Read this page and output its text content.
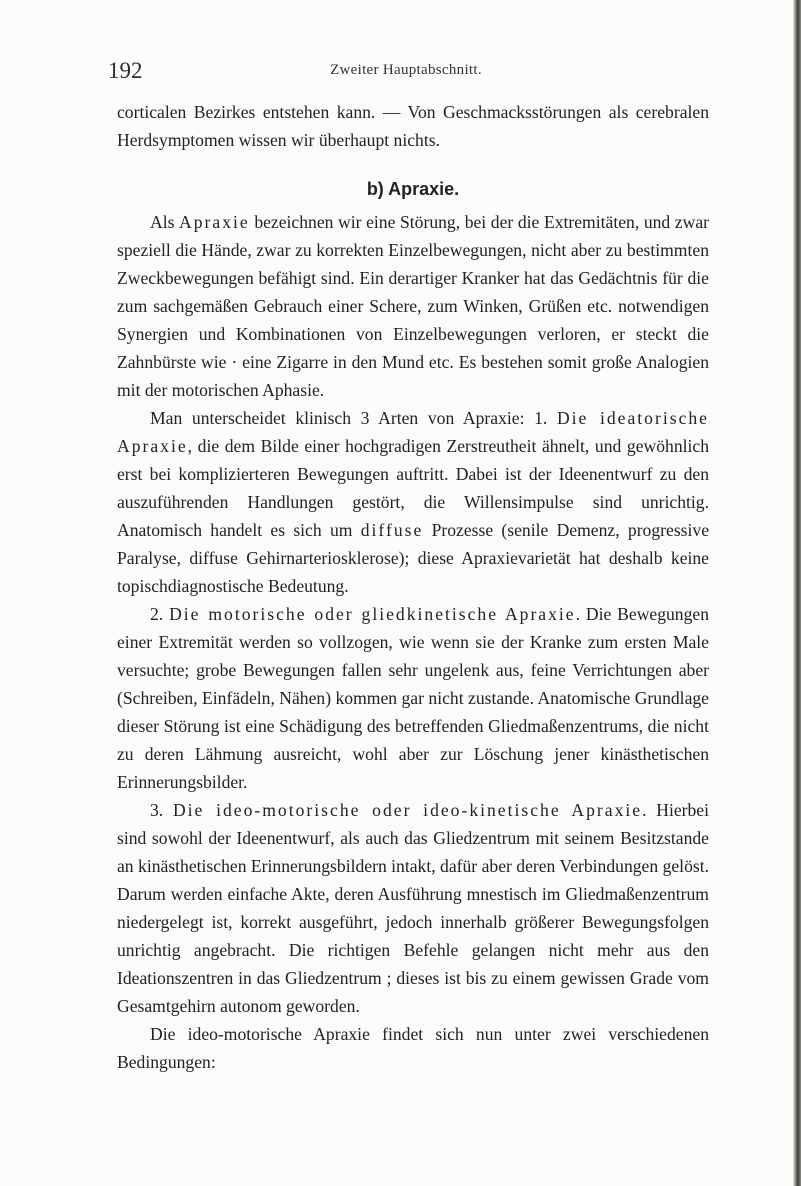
192	Zweiter Hauptabschnitt.

corticalen Bezirkes entstehen kann. — Von Geschmacksstörungen als cerebralen Herdsymptomen wissen wir überhaupt nichts.

b) Apraxie.

Als Apraxie bezeichnen wir eine Störung, bei der die Extremitäten, und zwar speziell die Hände, zwar zu korrekten Einzelbewegungen, nicht aber zu bestimmten Zweckbewegungen befähigt sind. Ein derartiger Kranker hat das Gedächtnis für die zum sachgemäßen Gebrauch einer Schere, zum Winken, Grüßen etc. notwendigen Synergien und Kombinationen von Einzelbewegungen verloren, er steckt die Zahnbürste wie · eine Zigarre in den Mund etc. Es bestehen somit große Analogien mit der motorischen Aphasie.

Man unterscheidet klinisch 3 Arten von Apraxie: 1. Die ideatorische Apraxie, die dem Bilde einer hochgradigen Zerstreutheit ähnelt, und gewöhnlich erst bei komplizierteren Bewegungen auftritt. Dabei ist der Ideenentwurf zu den auszuführenden Handlungen gestört, die Willensimpulse sind unrichtig. Anatomisch handelt es sich um diffuse Prozesse (senile Demenz, progressive Paralyse, diffuse Gehirnarteriosklerose); diese Apraxievarietät hat deshalb keine topischdiagnostische Bedeutung.

2. Die motorische oder gliedkinetische Apraxie. Die Bewegungen einer Extremität werden so vollzogen, wie wenn sie der Kranke zum ersten Male versuchte; grobe Bewegungen fallen sehr ungelenk aus, feine Verrichtungen aber (Schreiben, Einfädeln, Nähen) kommen gar nicht zustande. Anatomische Grundlage dieser Störung ist eine Schädigung des betreffenden Gliedmaßenzentrums, die nicht zu deren Lähmung ausreicht, wohl aber zur Löschung jener kinästhetischen Erinnerungsbilder.

3. Die ideo-motorische oder ideo-kinetische Apraxie. Hierbei sind sowohl der Ideenentwurf, als auch das Gliedzentrum mit seinem Besitzstande an kinästhetischen Erinnerungsbildern intakt, dafür aber deren Verbindungen gelöst. Darum werden einfache Akte, deren Ausführung mnestisch im Gliedmaßenzentrum niedergelegt ist, korrekt ausgeführt, jedoch innerhalb größerer Bewegungsfolgen unrichtig angebracht. Die richtigen Befehle gelangen nicht mehr aus den Ideationszentren in das Gliedzentrum ; dieses ist bis zu einem gewissen Grade vom Gesamtgehirn autonom geworden.

Die ideo-motorische Apraxie findet sich nun unter zwei verschiedenen Bedingungen:
